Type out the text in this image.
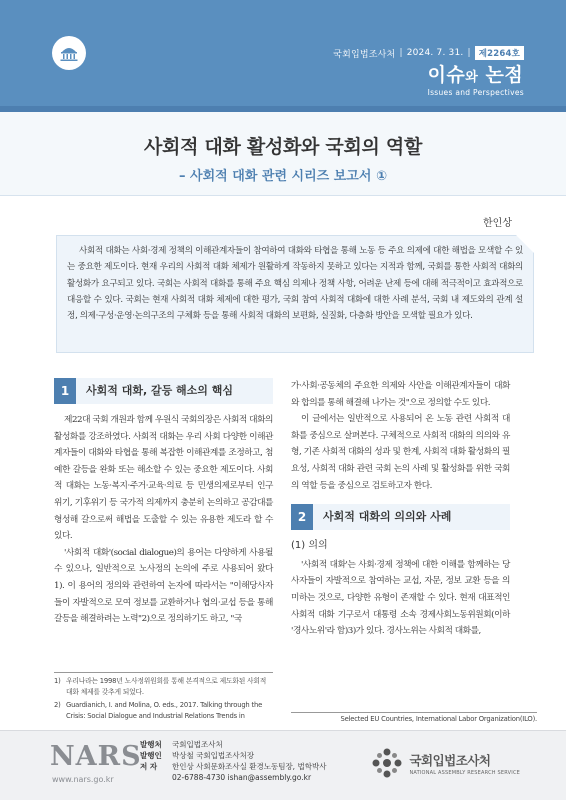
국회입법조사처 | 2024. 7. 31. | 제2264호
이슈와 논점
Issues and Perspectives
사회적 대화 활성화와 국회의 역할
– 사회적 대화 관련 시리즈 보고서 ①
한인상
사회적 대화는 사회·경제 정책의 이해관계자들이 참여하여 대화와 타협을 통해 노동 등 주요 의제에 대한 해법을 모색할 수 있는 중요한 제도이다. 현재 우리의 사회적 대화 체제가 원활하게 작동하지 못하고 있다는 지적과 함께, 국회를 통한 사회적 대화의 활성화가 요구되고 있다. 국회는 사회적 대화를 통해 주요 핵심 의제나 정책 사항, 어려운 난제 등에 대해 적극적이고 효과적으로 대응할 수 있다. 국회는 현재 사회적 대화 체제에 대한 평가, 국회 참여 사회적 대화에 대한 사례 분석, 국회 내 제도와의 관계 설정, 의제·구성·운영·논의구조의 구체화 등을 통해 사회적 대화의 보편화, 실질화, 다층화 방안을 모색할 필요가 있다.
1	사회적 대화, 갈등 해소의 핵심

제22대 국회 개원과 함께 우원식 국회의장은 사회적 대화의 활성화를 강조하였다. 사회적 대화는 우리 사회 다양한 이해관계자들이 대화와 타협을 통해 복잡한 이해관계를 조정하고, 첨예한 갈등을 완화 또는 해소할 수 있는 중요한 제도이다. 사회적 대화는 노동·복지·주거·교육·의료 등 민생의제로부터 인구위기, 기후위기 등 국가적 의제까지 충분히 논의하고 공감대를 형성해 갈으로써 해법을 도출할 수 있는 유용한 제도라 할 수 있다.

'사회적 대화'(social dialogue)의 용어는 다양하게 사용될 수 있으나, 일반적으로 노사정의 논의에 주로 사용되어 왔다1). 이 용어의 정의와 관련하여 논자에 따라서는 "이해당사자들이 자발적으로 모여 정보를 교환하거나 협의·교섭 등을 통해 갈등을 해결하려는 노력"2)으로 정의하기도 하고, "국

1) 우리나라는 1998년 노사정위원회를 통해 본격적으로 제도화된 사회적 대화 체제를 갖추게 되었다.
2) Guardianich, I. and Molina, O. eds., 2017. Talking through the Crisis: Social Dialogue and Industrial Relations Trends in

가·사회·공동체의 주요한 의제와 사안을 이해관계자들이 대화와 합의를 통해 해결해 나가는 것"으로 정의할 수도 있다.

이 글에서는 일반적으로 사용되어 온 노동 관련 사회적 대화를 중심으로 살펴본다. 구체적으로 사회적 대화의 의의와 유형, 기존 사회적 대화의 성과 및 한계, 사회적 대화 활성화의 필요성, 사회적 대화 관련 국회 논의 사례 및 활성화를 위한 국회의 역할 등을 중심으로 검토하고자 한다.

2	사회적 대화의 의의와 사례
(1) 의의

'사회적 대화'는 사회·경제 정책에 대한 이해를 함께하는 당사자들이 자발적으로 참여하는 교섭, 자문, 정보 교환 등을 의미하는 것으로, 다양한 유형이 존재할 수 있다. 현재 대표적인 사회적 대화 기구로서 대통령 소속 경제사회노동위원회(이하 '경사노위'라 함)3)가 있다. 경사노위는 사회적 대화를,

Selected EU Countries, International Labor Organization(ILO).
NARS
www.nars.go.kr
발행처	국회입법조사처
발행인	박상철 국회입법조사처장
저 자	한인상 사회문화조사실 환경노동팀장, 법학박사
02-6788-4730 ishan@assembly.go.kr
국회입법조사처
NATIONAL ASSEMBLY RESEARCH SERVICE
